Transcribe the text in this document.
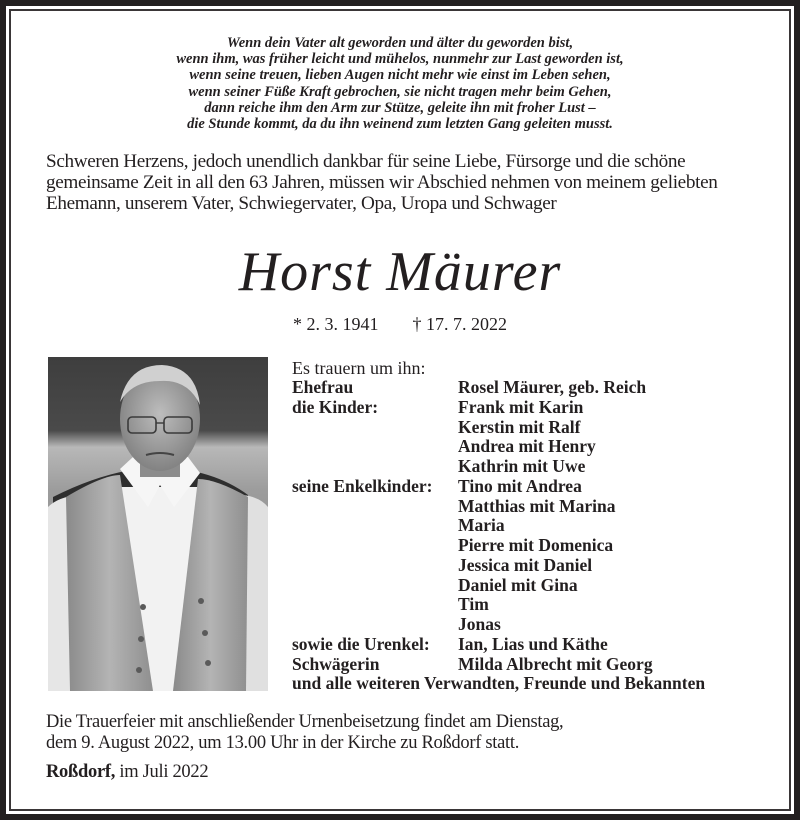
Wenn dein Vater alt geworden und älter du geworden bist,
wenn ihm, was früher leicht und mühelos, nunmehr zur Last geworden ist,
wenn seine treuen, lieben Augen nicht mehr wie einst im Leben sehen,
wenn seiner Füße Kraft gebrochen, sie nicht tragen mehr beim Gehen,
dann reiche ihm den Arm zur Stütze, geleite ihn mit froher Lust –
die Stunde kommt, da du ihn weinend zum letzten Gang geleiten musst.
Schweren Herzens, jedoch unendlich dankbar für seine Liebe, Fürsorge und die schöne
gemeinsame Zeit in all den 63 Jahren, müssen wir Abschied nehmen von meinem geliebten
Ehemann, unserem Vater, Schwiegervater, Opa, Uropa und Schwager
Horst Mäurer
* 2. 3. 1941 † 17. 7. 2022
Es trauern um ihn:
Ehefrau	Rosel Mäurer, geb. Reich
die Kinder:	Frank mit Karin
Kerstin mit Ralf
Andrea mit Henry
Kathrin mit Uwe
seine Enkelkinder:	Tino mit Andrea
Matthias mit Marina
Maria
Pierre mit Domenica
Jessica mit Daniel
Daniel mit Gina
Tim
Jonas
sowie die Urenkel:	Ian, Lias und Käthe
Schwägerin	Milda Albrecht mit Georg
und alle weiteren Verwandten, Freunde und Bekannten
Die Trauerfeier mit anschließender Urnenbeisetzung findet am Dienstag,
dem 9. August 2022, um 13.00 Uhr in der Kirche zu Roßdorf statt.
Roßdorf, im Juli 2022
